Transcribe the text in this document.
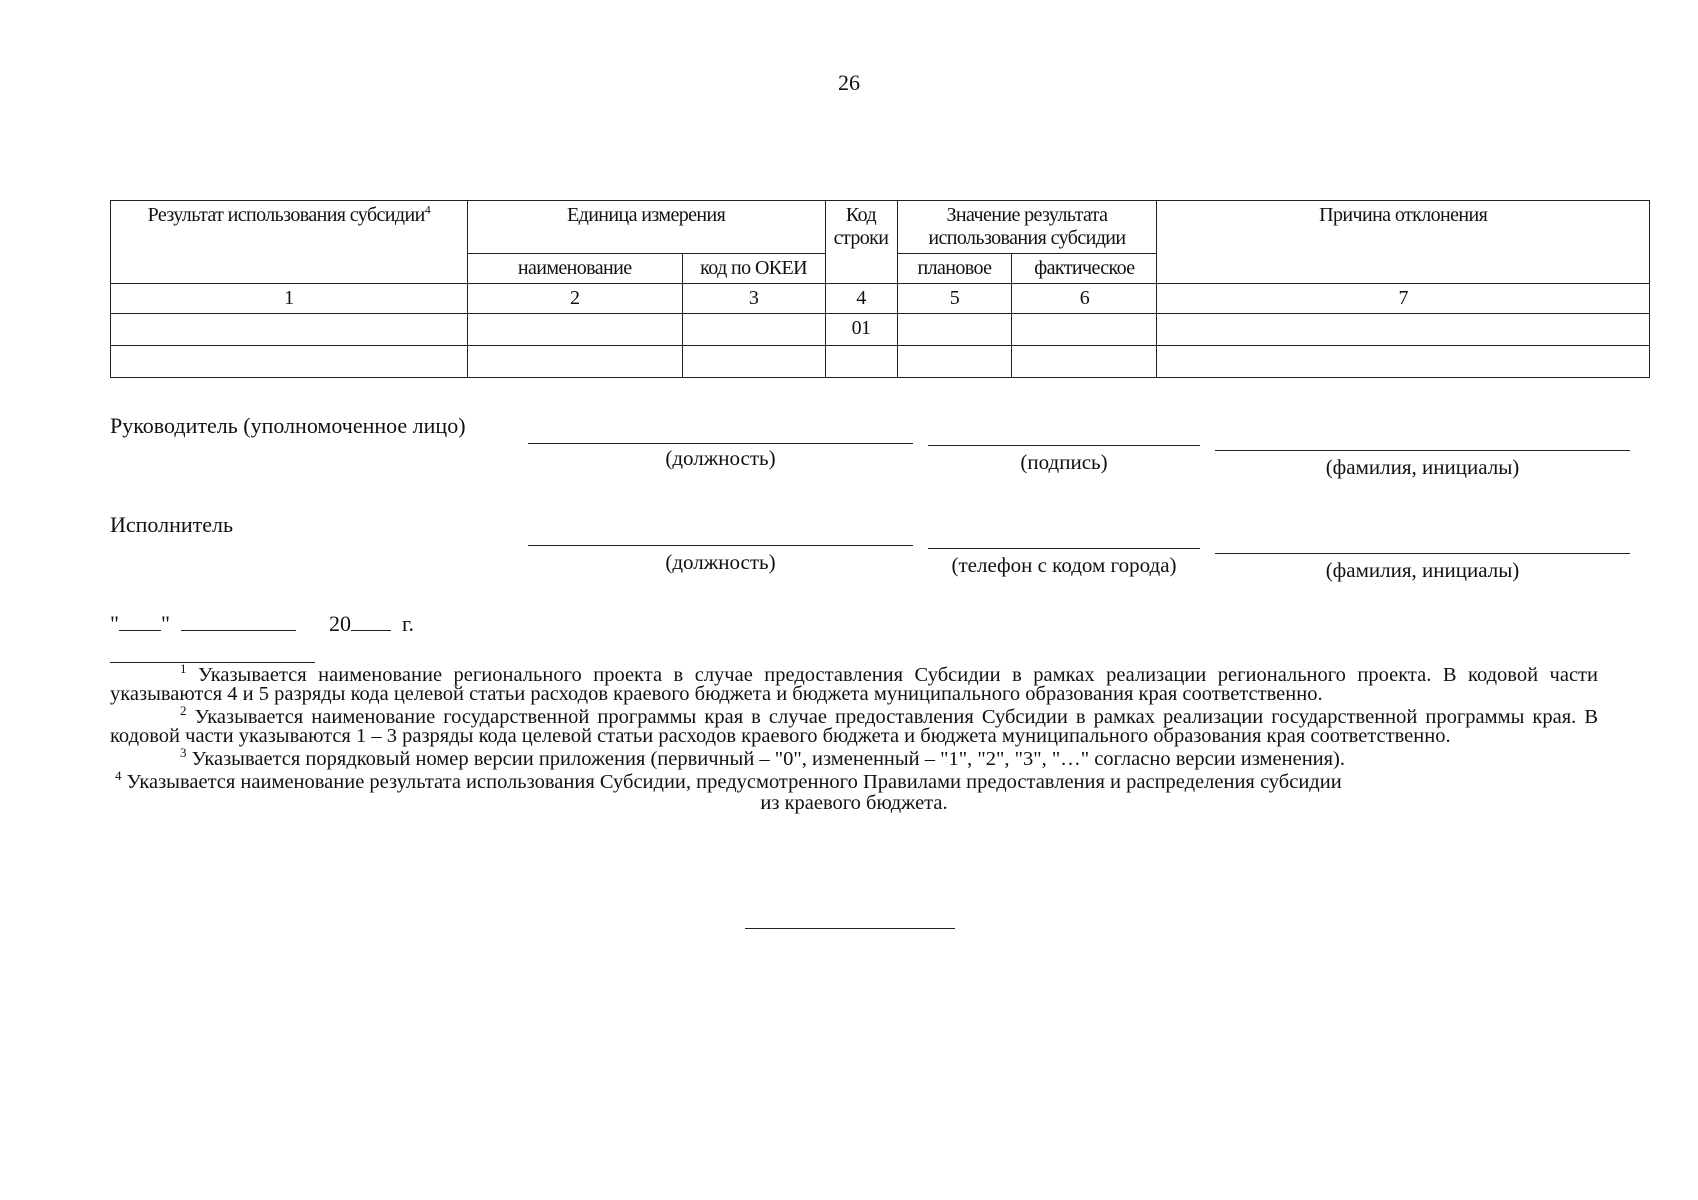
26
Результат использования субсидии$^4$	Единица измерения		Код строки	Значение результата использования субсидии		Причина отклонения
	наименование	код по ОКЕИ		плановое	фактическое	
1	2	3	4	5	6	7
			01			

Руководитель (уполномоченное лицо)
(должность)	(подпись)	(фамилия, инициалы)
Исполнитель
(должность)	(телефон с кодом города)	(фамилия, инициалы)
" "	20 г.

$^1$ Указывается наименование регионального проекта в случае предоставления Субсидии в рамках реализации регионального проекта. В кодовой части указываются 4 и 5 разряды кода целевой статьи расходов краевого бюджета и бюджета муниципального образования края соответственно.

$^2$ Указывается наименование государственной программы края в случае предоставления Субсидии в рамках реализации государственной программы края. В кодовой части указываются 1 – 3 разряды кода целевой статьи расходов краевого бюджета и бюджета муниципального образования края соответственно.

$^3$ Указывается порядковый номер версии приложения (первичный – "0", измененный – "1", "2", "3", "…" согласно версии изменения).

$^4$ Указывается наименование результата использования Субсидии, предусмотренного Правилами предоставления и распределения субсидии

из краевого бюджета.
